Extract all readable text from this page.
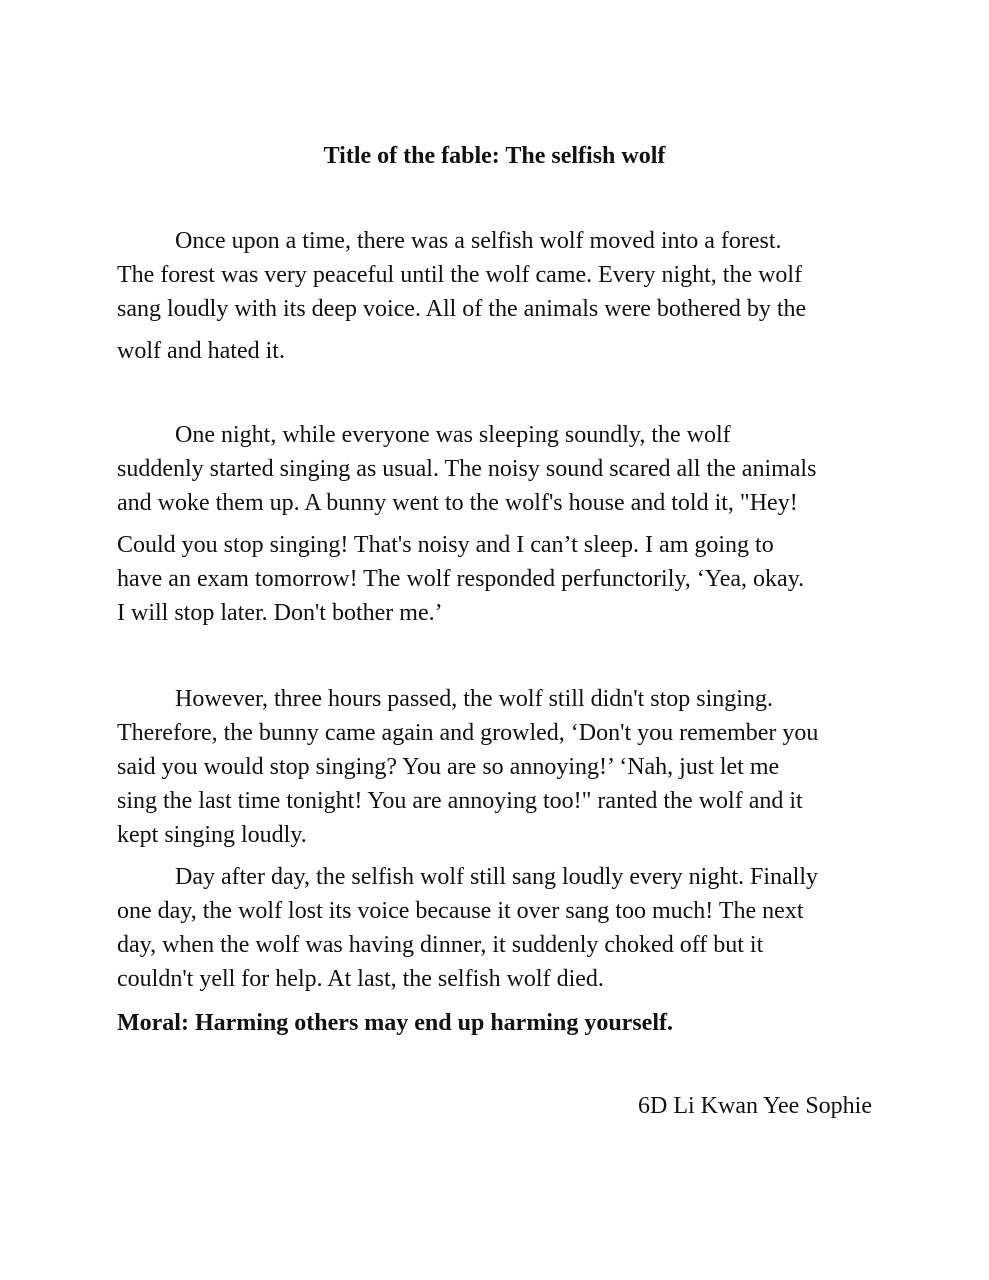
Title of the fable: The selfish wolf
Once upon a time, there was a selfish wolf moved into a forest.
The forest was very peaceful until the wolf came. Every night, the wolf
sang loudly with its deep voice. All of the animals were bothered by the
wolf and hated it.
One night, while everyone was sleeping soundly, the wolf
suddenly started singing as usual. The noisy sound scared all the animals
and woke them up. A bunny went to the wolf's house and told it, "Hey!
Could you stop singing! That's noisy and I can’t sleep. I am going to
have an exam tomorrow! The wolf responded perfunctorily, ‘Yea, okay.
I will stop later. Don't bother me.’
However, three hours passed, the wolf still didn't stop singing.
Therefore, the bunny came again and growled, ‘Don't you remember you
said you would stop singing? You are so annoying!’ ‘Nah, just let me
sing the last time tonight! You are annoying too!" ranted the wolf and it
kept singing loudly.
Day after day, the selfish wolf still sang loudly every night. Finally
one day, the wolf lost its voice because it over sang too much! The next
day, when the wolf was having dinner, it suddenly choked off but it
couldn't yell for help. At last, the selfish wolf died.
Moral: Harming others may end up harming yourself.
6D Li Kwan Yee Sophie
